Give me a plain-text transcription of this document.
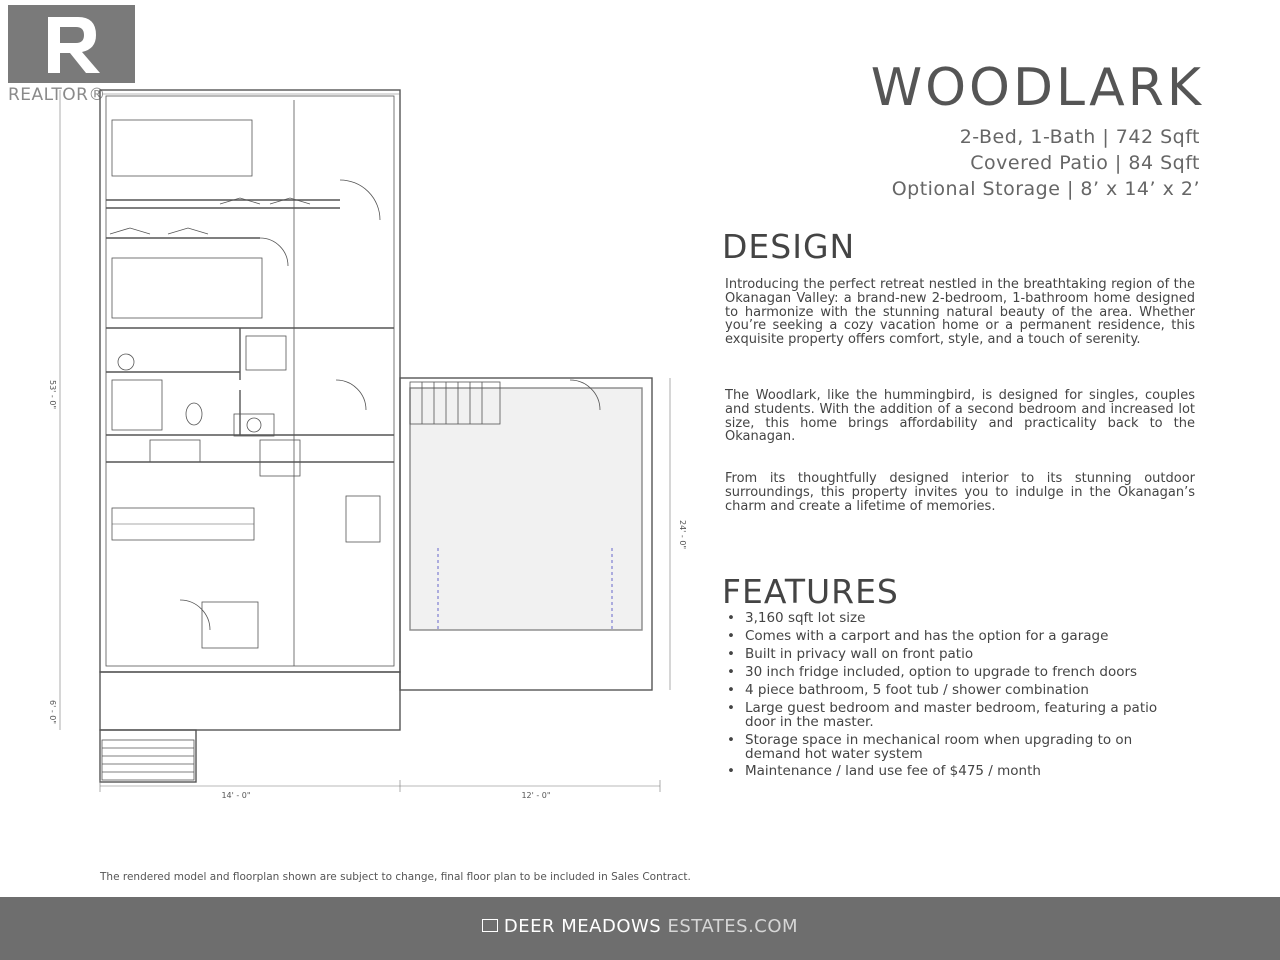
REALTOR®
14' - 0"	12' - 0"
53' - 0"
24' - 0"
6' - 0"
WOODLARK
2-Bed, 1-Bath | 742 Sqft
Covered Patio | 84 Sqft
Optional Storage | 8’ x 14’ x 2’
DESIGN

Introducing the perfect retreat nestled in the breathtaking region of the Okanagan Valley: a brand-new 2-bedroom, 1-bathroom home designed to harmonize with the stunning natural beauty of the area. Whether you’re seeking a cozy vacation home or a permanent residence, this exquisite property offers comfort, style, and a touch of serenity.

The Woodlark, like the hummingbird, is designed for singles, couples and students. With the addition of a second bedroom and increased lot size, this home brings affordability and practicality back to the Okanagan.

From its thoughtfully designed interior to its stunning outdoor surroundings, this property invites you to indulge in the Okanagan’s charm and create a lifetime of memories.

FEATURES
• 3,160 sqft lot size
• Comes with a carport and has the option for a garage
• Built in privacy wall on front patio
• 30 inch fridge included, option to upgrade to french doors
• 4 piece bathroom, 5 foot tub / shower combination
• Large guest bedroom and master bedroom, featuring a patio door in the master.
• Storage space in mechanical room when upgrading to on demand hot water system
• Maintenance / land use fee of $475 / month
The rendered model and floorplan shown are subject to change, final floor plan to be included in Sales Contract.
DEER MEADOWS ESTATES.COM
